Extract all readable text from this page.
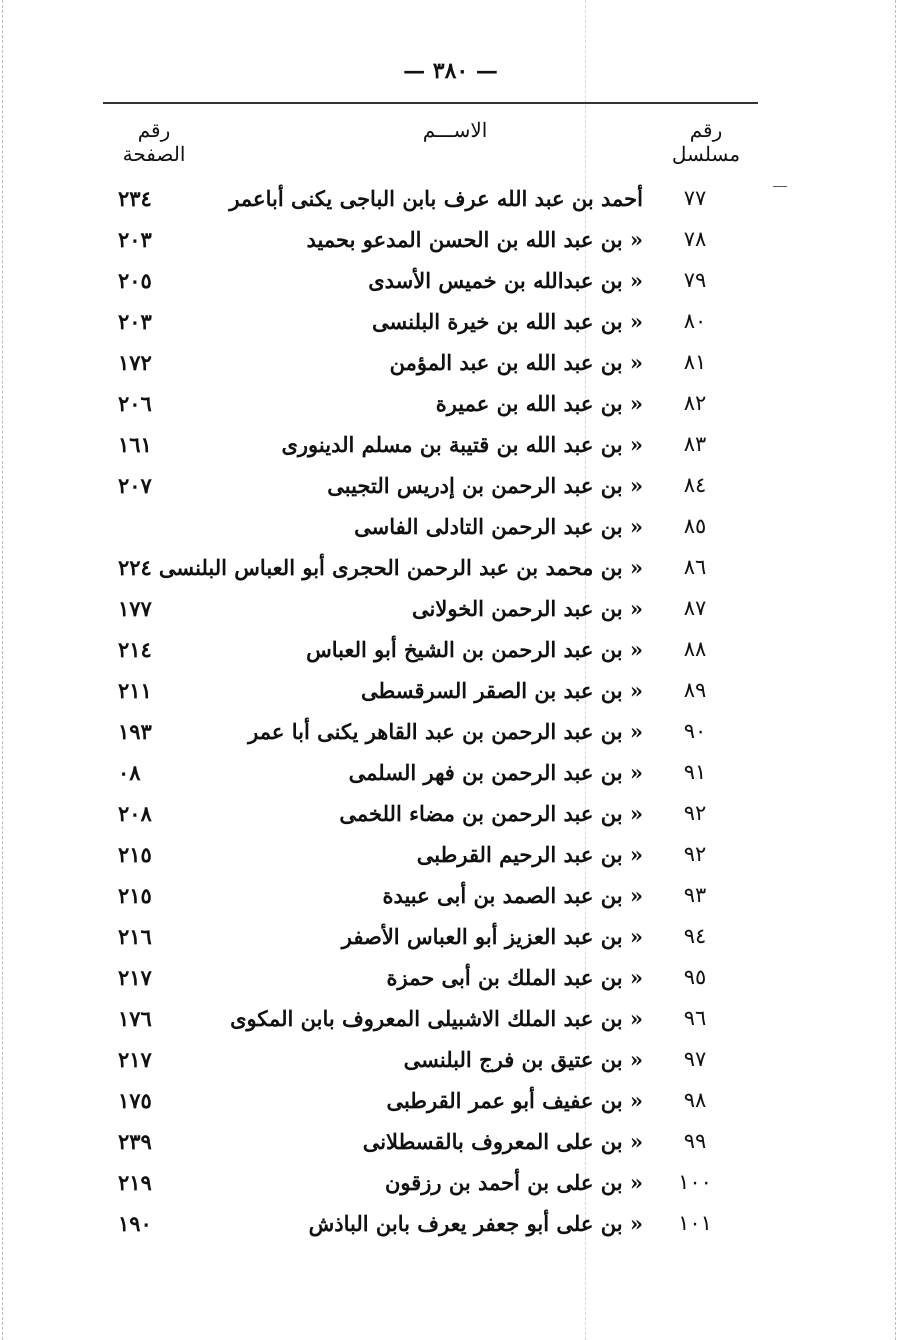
— ٣٨٠ —
رقم مسلسل
الاســـم
رقم الصفحة
٧٧
أحمد بن عبد الله عرف بابن الباجى يكنى أباعمر
٢٣٤
٧٨
« بن عبد الله بن الحسن المدعو بحميد
٢٠٣
٧٩
« بن عبدالله بن خميس الأسدى
٢٠٥
٨٠
« بن عبد الله بن خيرة البلنسى
٢٠٣
٨١
« بن عبد الله بن عبد المؤمن
١٧٢
٨٢
« بن عبد الله بن عميرة
٢٠٦
٨٣
« بن عبد الله بن قتيبة بن مسلم الدينورى
١٦١
٨٤
« بن عبد الرحمن بن إدريس التجيبى
٢٠٧
٨٥
« بن عبد الرحمن التادلى الفاسى
٨٦
« بن محمد بن عبد الرحمن الحجرى أبو العباس البلنسى
٢٢٤
٨٧
« بن عبد الرحمن الخولانى
١٧٧
٨٨
« بن عبد الرحمن بن الشيخ أبو العباس
٢١٤
٨٩
« بن عبد بن الصقر السرقسطى
٢١١
٩٠
« بن عبد الرحمن بن عبد القاهر يكنى أبا عمر
١٩٣
٩١
« بن عبد الرحمن بن فهر السلمى
٠٨
٩٢
« بن عبد الرحمن بن مضاء اللخمى
٢٠٨
٩٢
« بن عبد الرحيم القرطبى
٢١٥
٩٣
« بن عبد الصمد بن أبى عبيدة
٢١٥
٩٤
« بن عبد العزيز أبو العباس الأصفر
٢١٦
٩٥
« بن عبد الملك بن أبى حمزة
٢١٧
٩٦
« بن عبد الملك الاشبيلى المعروف بابن المكوى
١٧٦
٩٧
« بن عتيق بن فرج البلنسى
٢١٧
٩٨
« بن عفيف أبو عمر القرطبى
١٧٥
٩٩
« بن على المعروف بالقسطلانى
٢٣٩
١٠٠
« بن على بن أحمد بن رزقون
٢١٩
١٠١
« بن على أبو جعفر يعرف بابن الباذش
١٩٠
